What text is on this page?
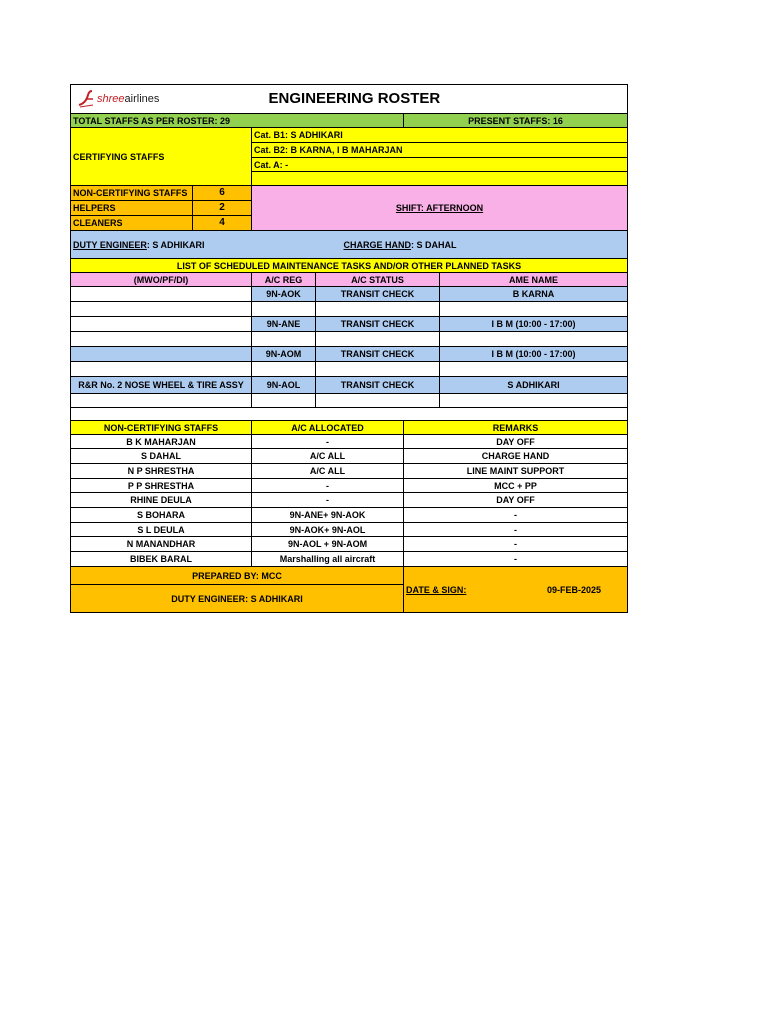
shreeairlines		ENGINEERING ROSTER			
TOTAL STAFFS AS PER ROSTER: 29				PRESENT STAFFS: 16	
CERTIFYING STAFFS		Cat. B1: S ADHIKARI			
		Cat. B2: B KARNA, I B MAHARJAN			
		Cat. A: -			

NON-CERTIFYING STAFFS	6	SHIFT: AFTERNOON			
HELPERS	2				
CLEANERS	4				
DUTY ENGINEER: S ADHIKARI			CHARGE HAND: S DAHAL		
LIST OF SCHEDULED MAINTENANCE TASKS AND/OR OTHER PLANNED TASKS					
(MWO/PF/DI)		A/C REG	A/C STATUS		AME NAME
		9N-AOK	TRANSIT CHECK		B KARNA

		9N-ANE	TRANSIT CHECK		I B M (10:00 - 17:00)

		9N-AOM	TRANSIT CHECK		I B M (10:00 - 17:00)

R&R No. 2 NOSE WHEEL & TIRE ASSY		9N-AOL	TRANSIT CHECK		S ADHIKARI

NON-CERTIFYING STAFFS		A/C ALLOCATED		REMARKS	
B K MAHARJAN		-		DAY OFF	
S DAHAL		A/C ALL		CHARGE HAND	
N P SHRESTHA		A/C ALL		LINE MAINT SUPPORT	
P P SHRESTHA		-		MCC + PP	
RHINE DEULA		-		DAY OFF	
S BOHARA		9N-ANE+ 9N-AOK		-	
S L DEULA		9N-AOK+ 9N-AOL		-	
N MANANDHAR		9N-AOL + 9N-AOM		-	
BIBEK BARAL		Marshalling all aircraft		-	
PREPARED BY: MCC				DATE & SIGN: 09-FEB-2025	

DUTY ENGINEER: S ADHIKARI					
